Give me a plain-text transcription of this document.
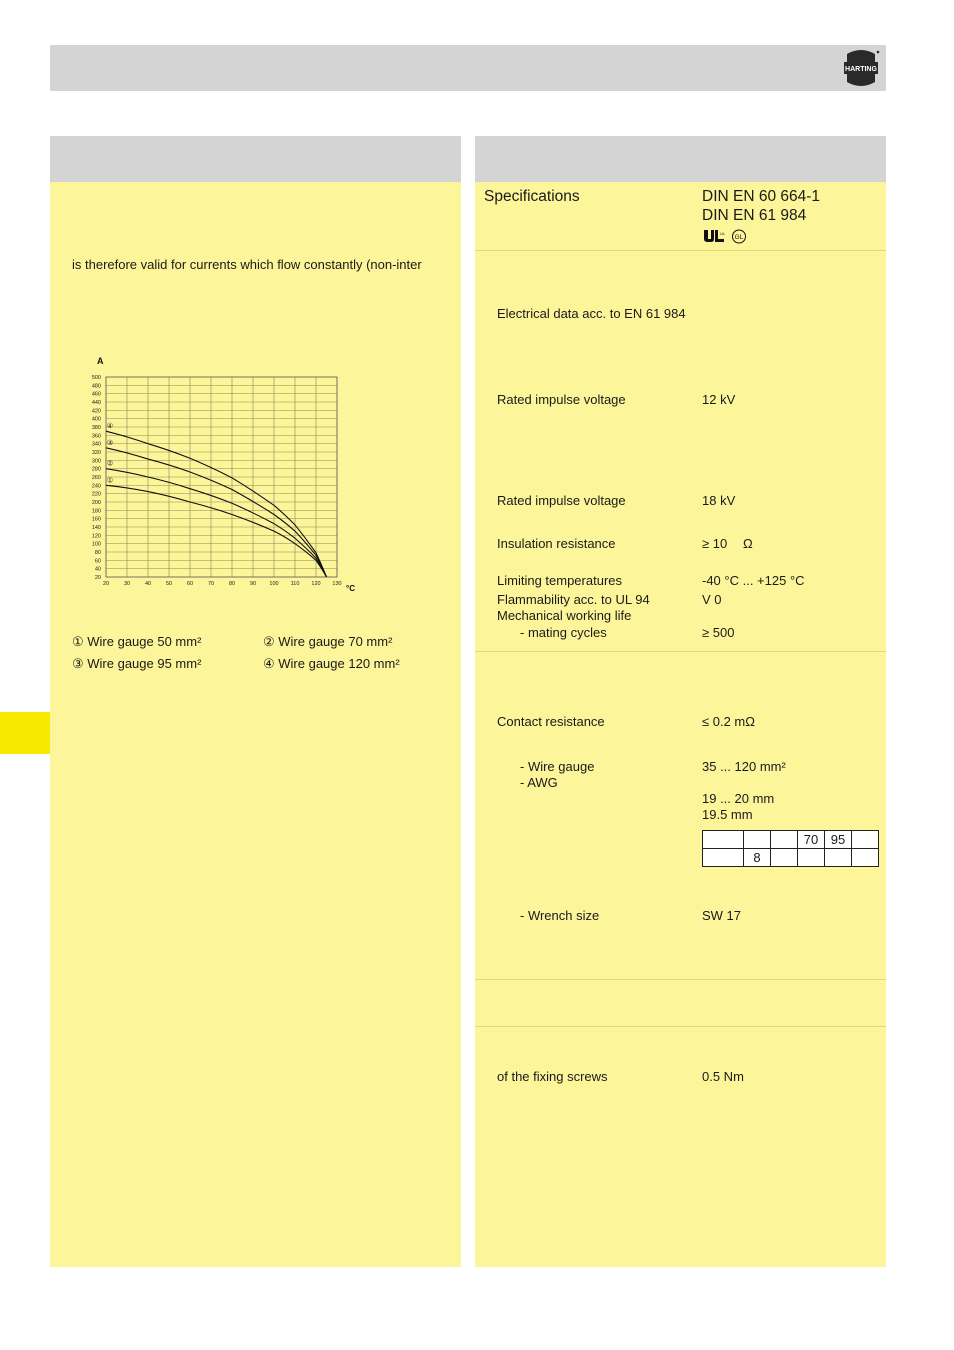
HARTING
is therefore valid for currents which flow constantly (non-inter
20	30	40	50	60	70	80	90 100 110 120 130
500
480
460
440
420
400
380
360
340
320
300
280
260
240
220
200
180
160
140
120
100
80
60
40
20
A
°C
①
②
③
④
① Wire gauge 50 mm²	② Wire gauge 70 mm²
③ Wire gauge 95 mm²	④ Wire gauge 120 mm²
Specifications	DIN EN 60 664-1
DIN EN 61 984
UL
GL
Electrical data acc. to EN 61 984
Rated impulse voltage	12 kV
Rated impulse voltage	18 kV
Insulation resistance	≥ 10 Ω
Limiting temperatures	-40 °C ... +125 °C
Flammability acc. to UL 94	V 0
Mechanical working life
- mating cycles	≥ 500
Contact resistance	≤ 0.2 mΩ
- Wire gauge	35 ... 120 mm²
- AWG
19 ... 20 mm
19.5 mm
			70	95	
	8				
- Wrench size	SW 17
of the fixing screws	0.5 Nm
